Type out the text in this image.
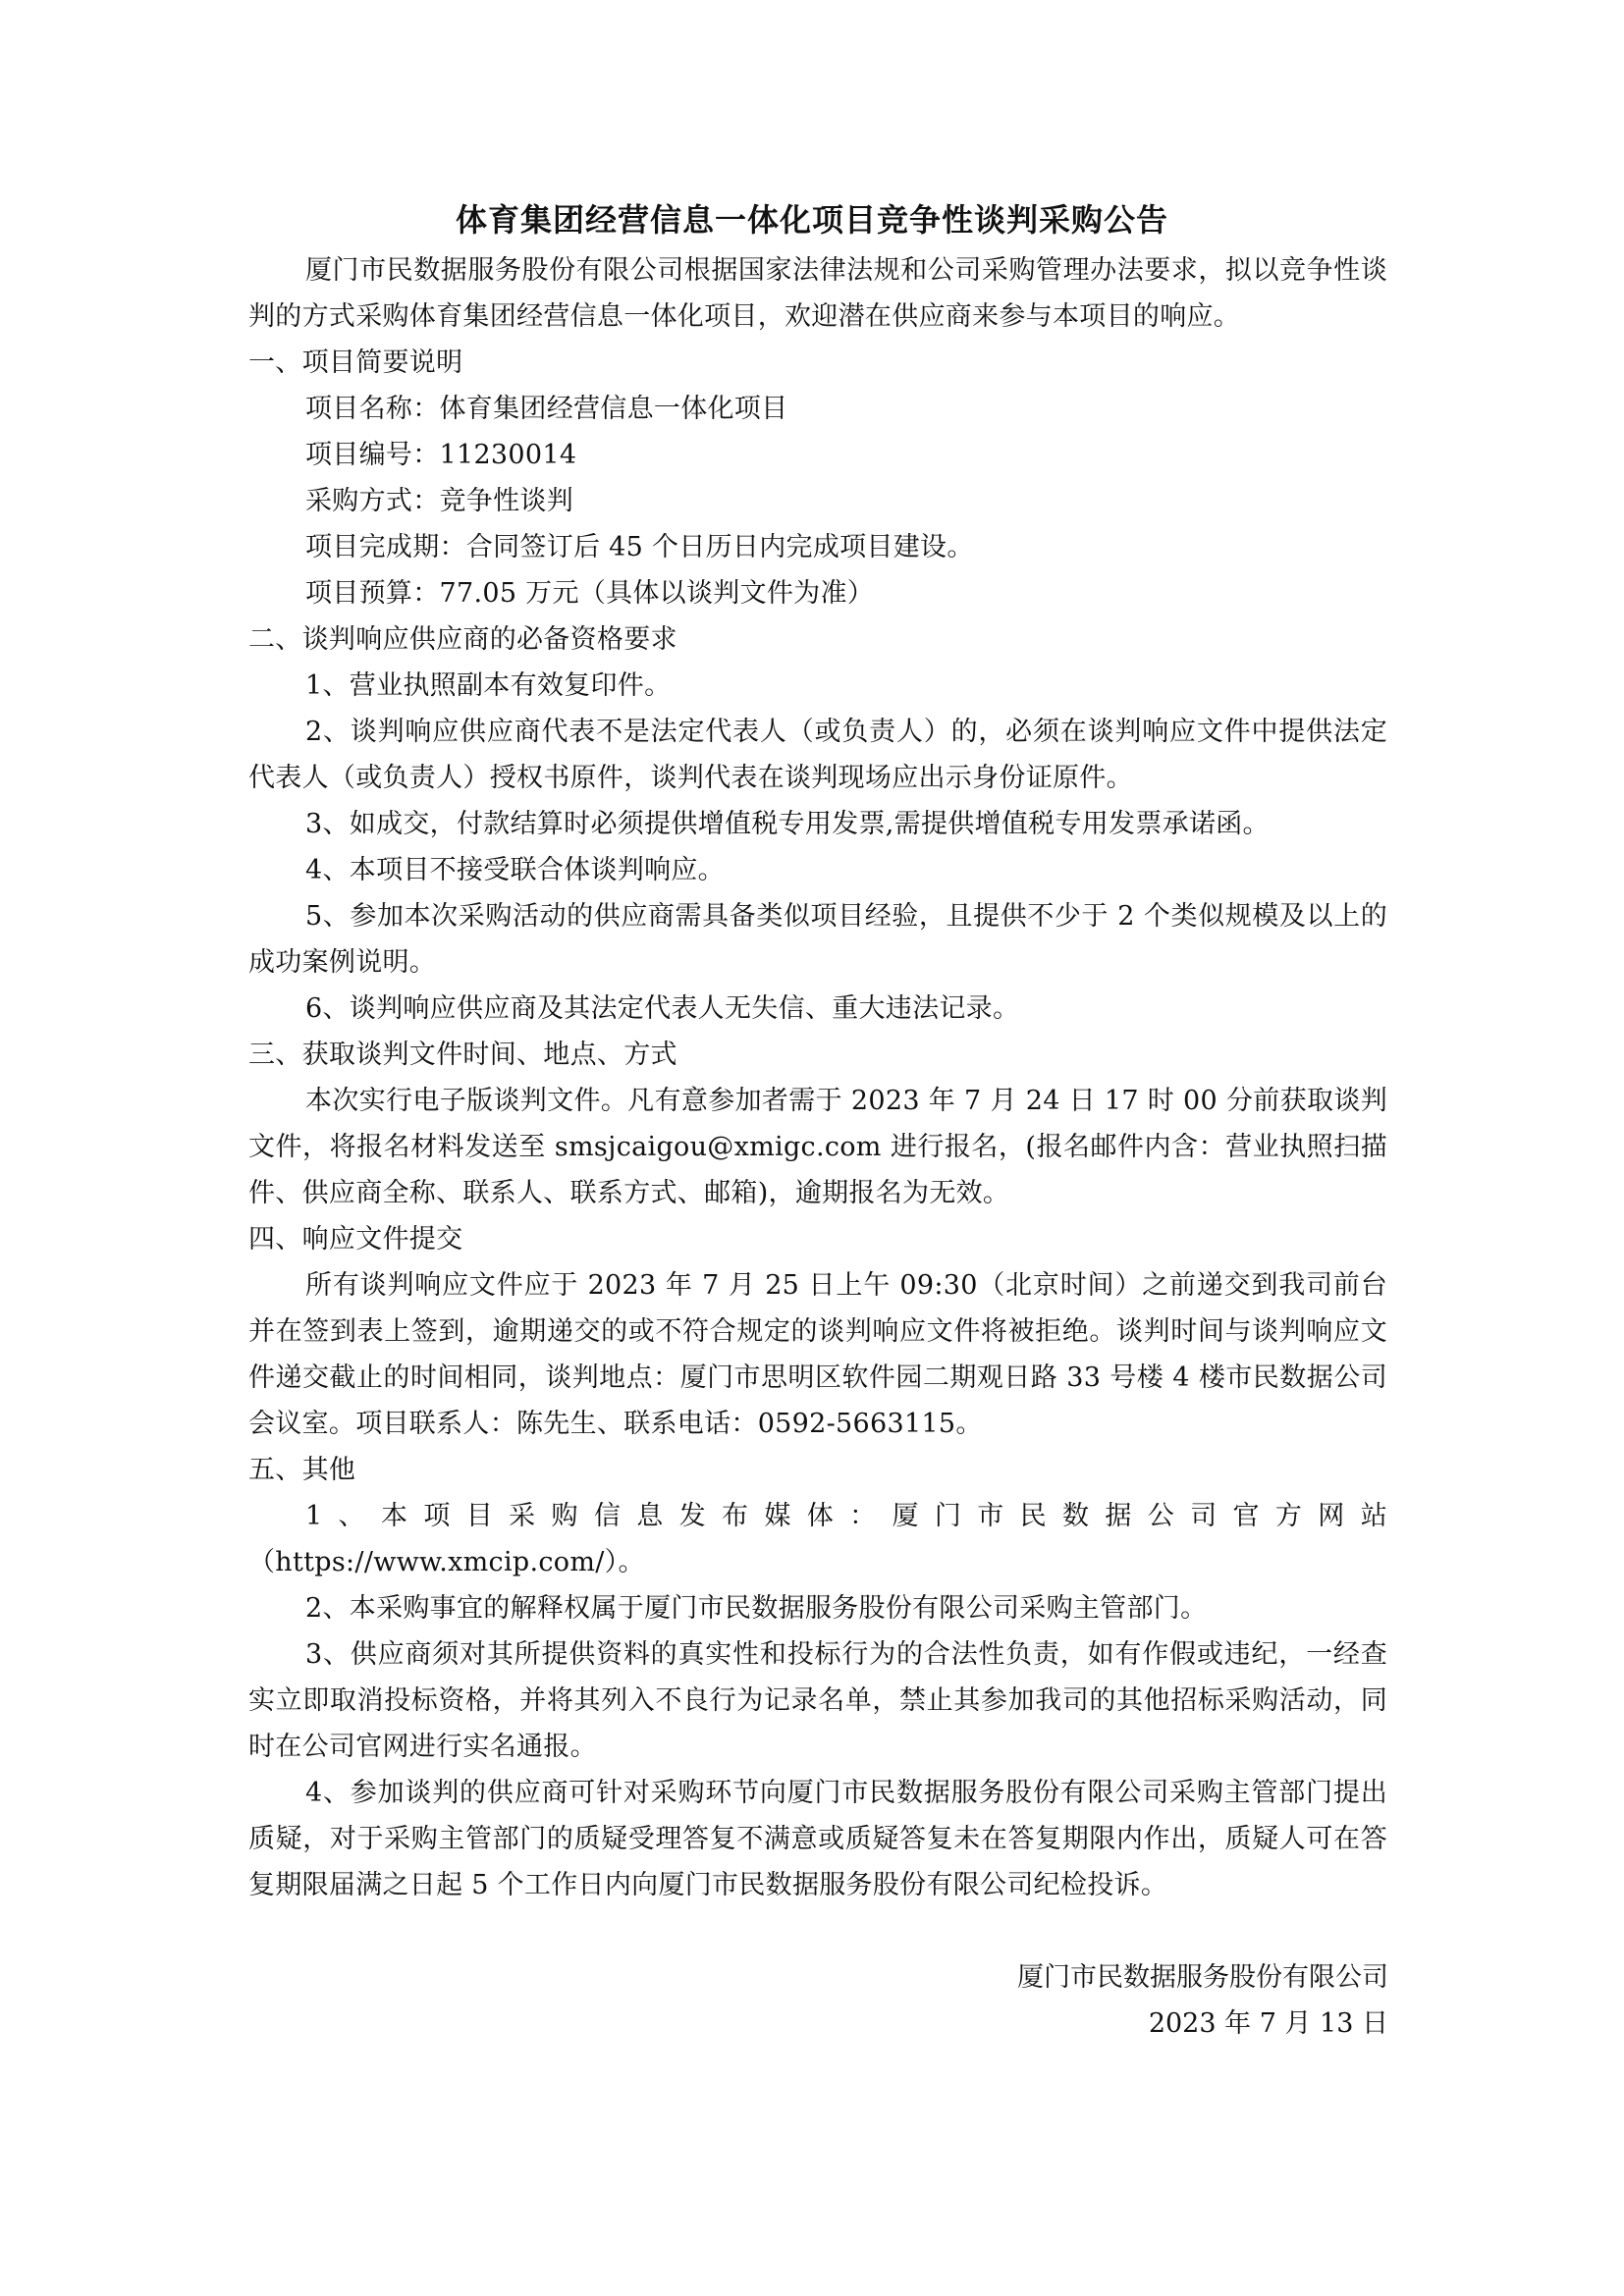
体育集团经营信息一体化项目竞争性谈判采购公告

厦门市民数据服务股份有限公司根据国家法律法规和公司采购管理办法要求，拟以竞争性谈判的方式采购体育集团经营信息一体化项目，欢迎潜在供应商来参与本项目的响应。

一、项目简要说明

项目名称：体育集团经营信息一体化项目

项目编号：11230014

采购方式：竞争性谈判

项目完成期：合同签订后 45 个日历日内完成项目建设。

项目预算：77.05 万元（具体以谈判文件为准）

二、谈判响应供应商的必备资格要求

1、营业执照副本有效复印件。

2、谈判响应供应商代表不是法定代表人（或负责人）的，必须在谈判响应文件中提供法定代表人（或负责人）授权书原件，谈判代表在谈判现场应出示身份证原件。

3、如成交，付款结算时必须提供增值税专用发票,需提供增值税专用发票承诺函。

4、本项目不接受联合体谈判响应。

5、参加本次采购活动的供应商需具备类似项目经验，且提供不少于 2 个类似规模及以上的成功案例说明。

6、谈判响应供应商及其法定代表人无失信、重大违法记录。

三、获取谈判文件时间、地点、方式

本次实行电子版谈判文件。凡有意参加者需于 2023 年 7 月 24 日 17 时 00 分前获取谈判文件，将报名材料发送至 smsjcaigou@xmigc.com 进行报名，(报名邮件内含：营业执照扫描件、供应商全称、联系人、联系方式、邮箱)，逾期报名为无效。

四、响应文件提交

所有谈判响应文件应于 2023 年 7 月 25 日上午 09:30（北京时间）之前递交到我司前台并在签到表上签到，逾期递交的或不符合规定的谈判响应文件将被拒绝。谈判时间与谈判响应文件递交截止的时间相同，谈判地点：厦门市思明区软件园二期观日路 33 号楼 4 楼市民数据公司会议室。项目联系人：陈先生、联系电话：0592-5663115。

五、其他

1、本项目采购信息发布媒体：厦门市民数据公司官方网站（https://www.xmcip.com/）。

2、本采购事宜的解释权属于厦门市民数据服务股份有限公司采购主管部门。

3、供应商须对其所提供资料的真实性和投标行为的合法性负责，如有作假或违纪，一经查实立即取消投标资格，并将其列入不良行为记录名单，禁止其参加我司的其他招标采购活动，同时在公司官网进行实名通报。

4、参加谈判的供应商可针对采购环节向厦门市民数据服务股份有限公司采购主管部门提出质疑，对于采购主管部门的质疑受理答复不满意或质疑答复未在答复期限内作出，质疑人可在答复期限届满之日起 5 个工作日内向厦门市民数据服务股份有限公司纪检投诉。

厦门市民数据服务股份有限公司
2023 年 7 月 13 日
